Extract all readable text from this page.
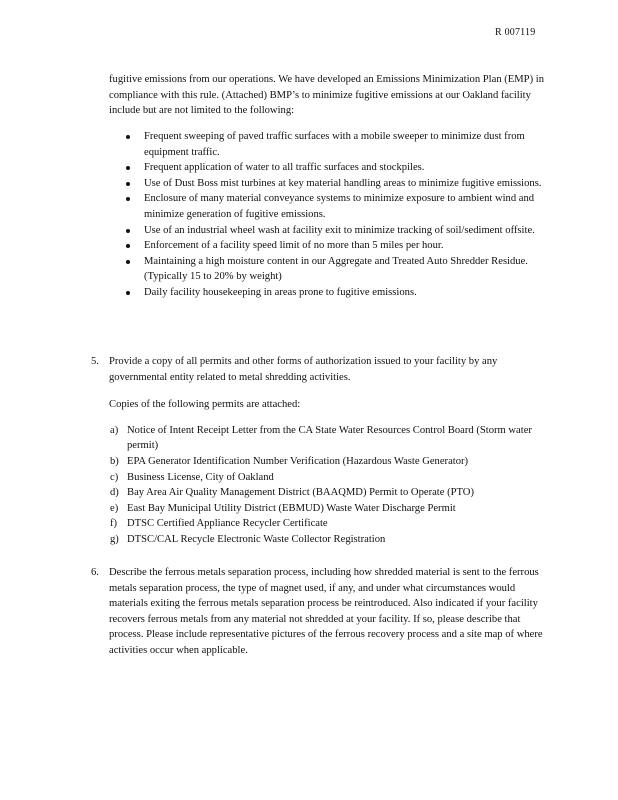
R 007119

fugitive emissions from our operations. We have developed an Emissions Minimization Plan (EMP) in compliance with this rule. (Attached) BMP’s to minimize fugitive emissions at our Oakland facility include but are not limited to the following:

Frequent sweeping of paved traffic surfaces with a mobile sweeper to minimize dust from equipment traffic.
Frequent application of water to all traffic surfaces and stockpiles.
Use of Dust Boss mist turbines at key material handling areas to minimize fugitive emissions.
Enclosure of many material conveyance systems to minimize exposure to ambient wind and minimize generation of fugitive emissions.
Use of an industrial wheel wash at facility exit to minimize tracking of soil/sediment offsite.
Enforcement of a facility speed limit of no more than 5 miles per hour.
Maintaining a high moisture content in our Aggregate and Treated Auto Shredder Residue. (Typically 15 to 20% by weight)
Daily facility housekeeping in areas prone to fugitive emissions.
5. Provide a copy of all permits and other forms of authorization issued to your facility by any governmental entity related to metal shredding activities.

Copies of the following permits are attached:

a) Notice of Intent Receipt Letter from the CA State Water Resources Control Board (Storm water permit)
b) EPA Generator Identification Number Verification (Hazardous Waste Generator)
c) Business License, City of Oakland
d) Bay Area Air Quality Management District (BAAQMD) Permit to Operate (PTO)
e) East Bay Municipal Utility District (EBMUD) Waste Water Discharge Permit
f) DTSC Certified Appliance Recycler Certificate
g) DTSC/CAL Recycle Electronic Waste Collector Registration
6. Describe the ferrous metals separation process, including how shredded material is sent to the ferrous metals separation process, the type of magnet used, if any, and under what circumstances would materials exiting the ferrous metals separation process be reintroduced. Also indicated if your facility recovers ferrous metals from any material not shredded at your facility. If so, please describe that process. Please include representative pictures of the ferrous recovery process and a site map of where activities occur when applicable.
